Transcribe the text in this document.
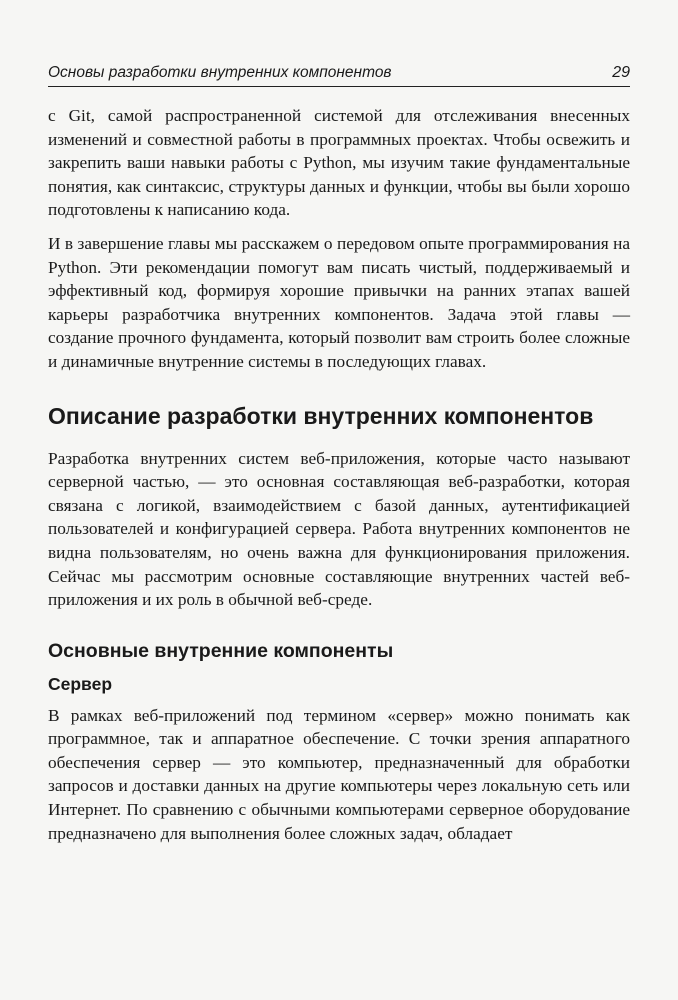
Основы разработки внутренних компонентов	29

с Git, самой распространенной системой для отслеживания внесенных изменений и совместной работы в программных проектах. Чтобы освежить и закрепить ваши навыки работы с Python, мы изучим такие фундаментальные понятия, как синтаксис, структуры данных и функции, чтобы вы были хорошо подготовлены к написанию кода.

И в завершение главы мы расскажем о передовом опыте программирования на Python. Эти рекомендации помогут вам писать чистый, поддерживаемый и эффективный код, формируя хорошие привычки на ранних этапах вашей карьеры разработчика внутренних компонентов. Задача этой главы — создание прочного фундамента, который позволит вам строить более сложные и динамичные внутренние системы в последующих главах.

Описание разработки внутренних компонентов

Разработка внутренних систем веб-приложения, которые часто называют серверной частью, — это основная составляющая веб-разработки, которая связана с логикой, взаимодействием с базой данных, аутентификацией пользователей и конфигурацией сервера. Работа внутренних компонентов не видна пользователям, но очень важна для функционирования приложения. Сейчас мы рассмотрим основные составляющие внутренних частей веб-приложения и их роль в обычной веб-среде.

Основные внутренние компоненты
Сервер

В рамках веб-приложений под термином «сервер» можно понимать как программное, так и аппаратное обеспечение. С точки зрения аппаратного обеспечения сервер — это компьютер, предназначенный для обработки запросов и доставки данных на другие компьютеры через локальную сеть или Интернет. По сравнению с обычными компьютерами серверное оборудование предназначено для выполнения более сложных задач, обладает
